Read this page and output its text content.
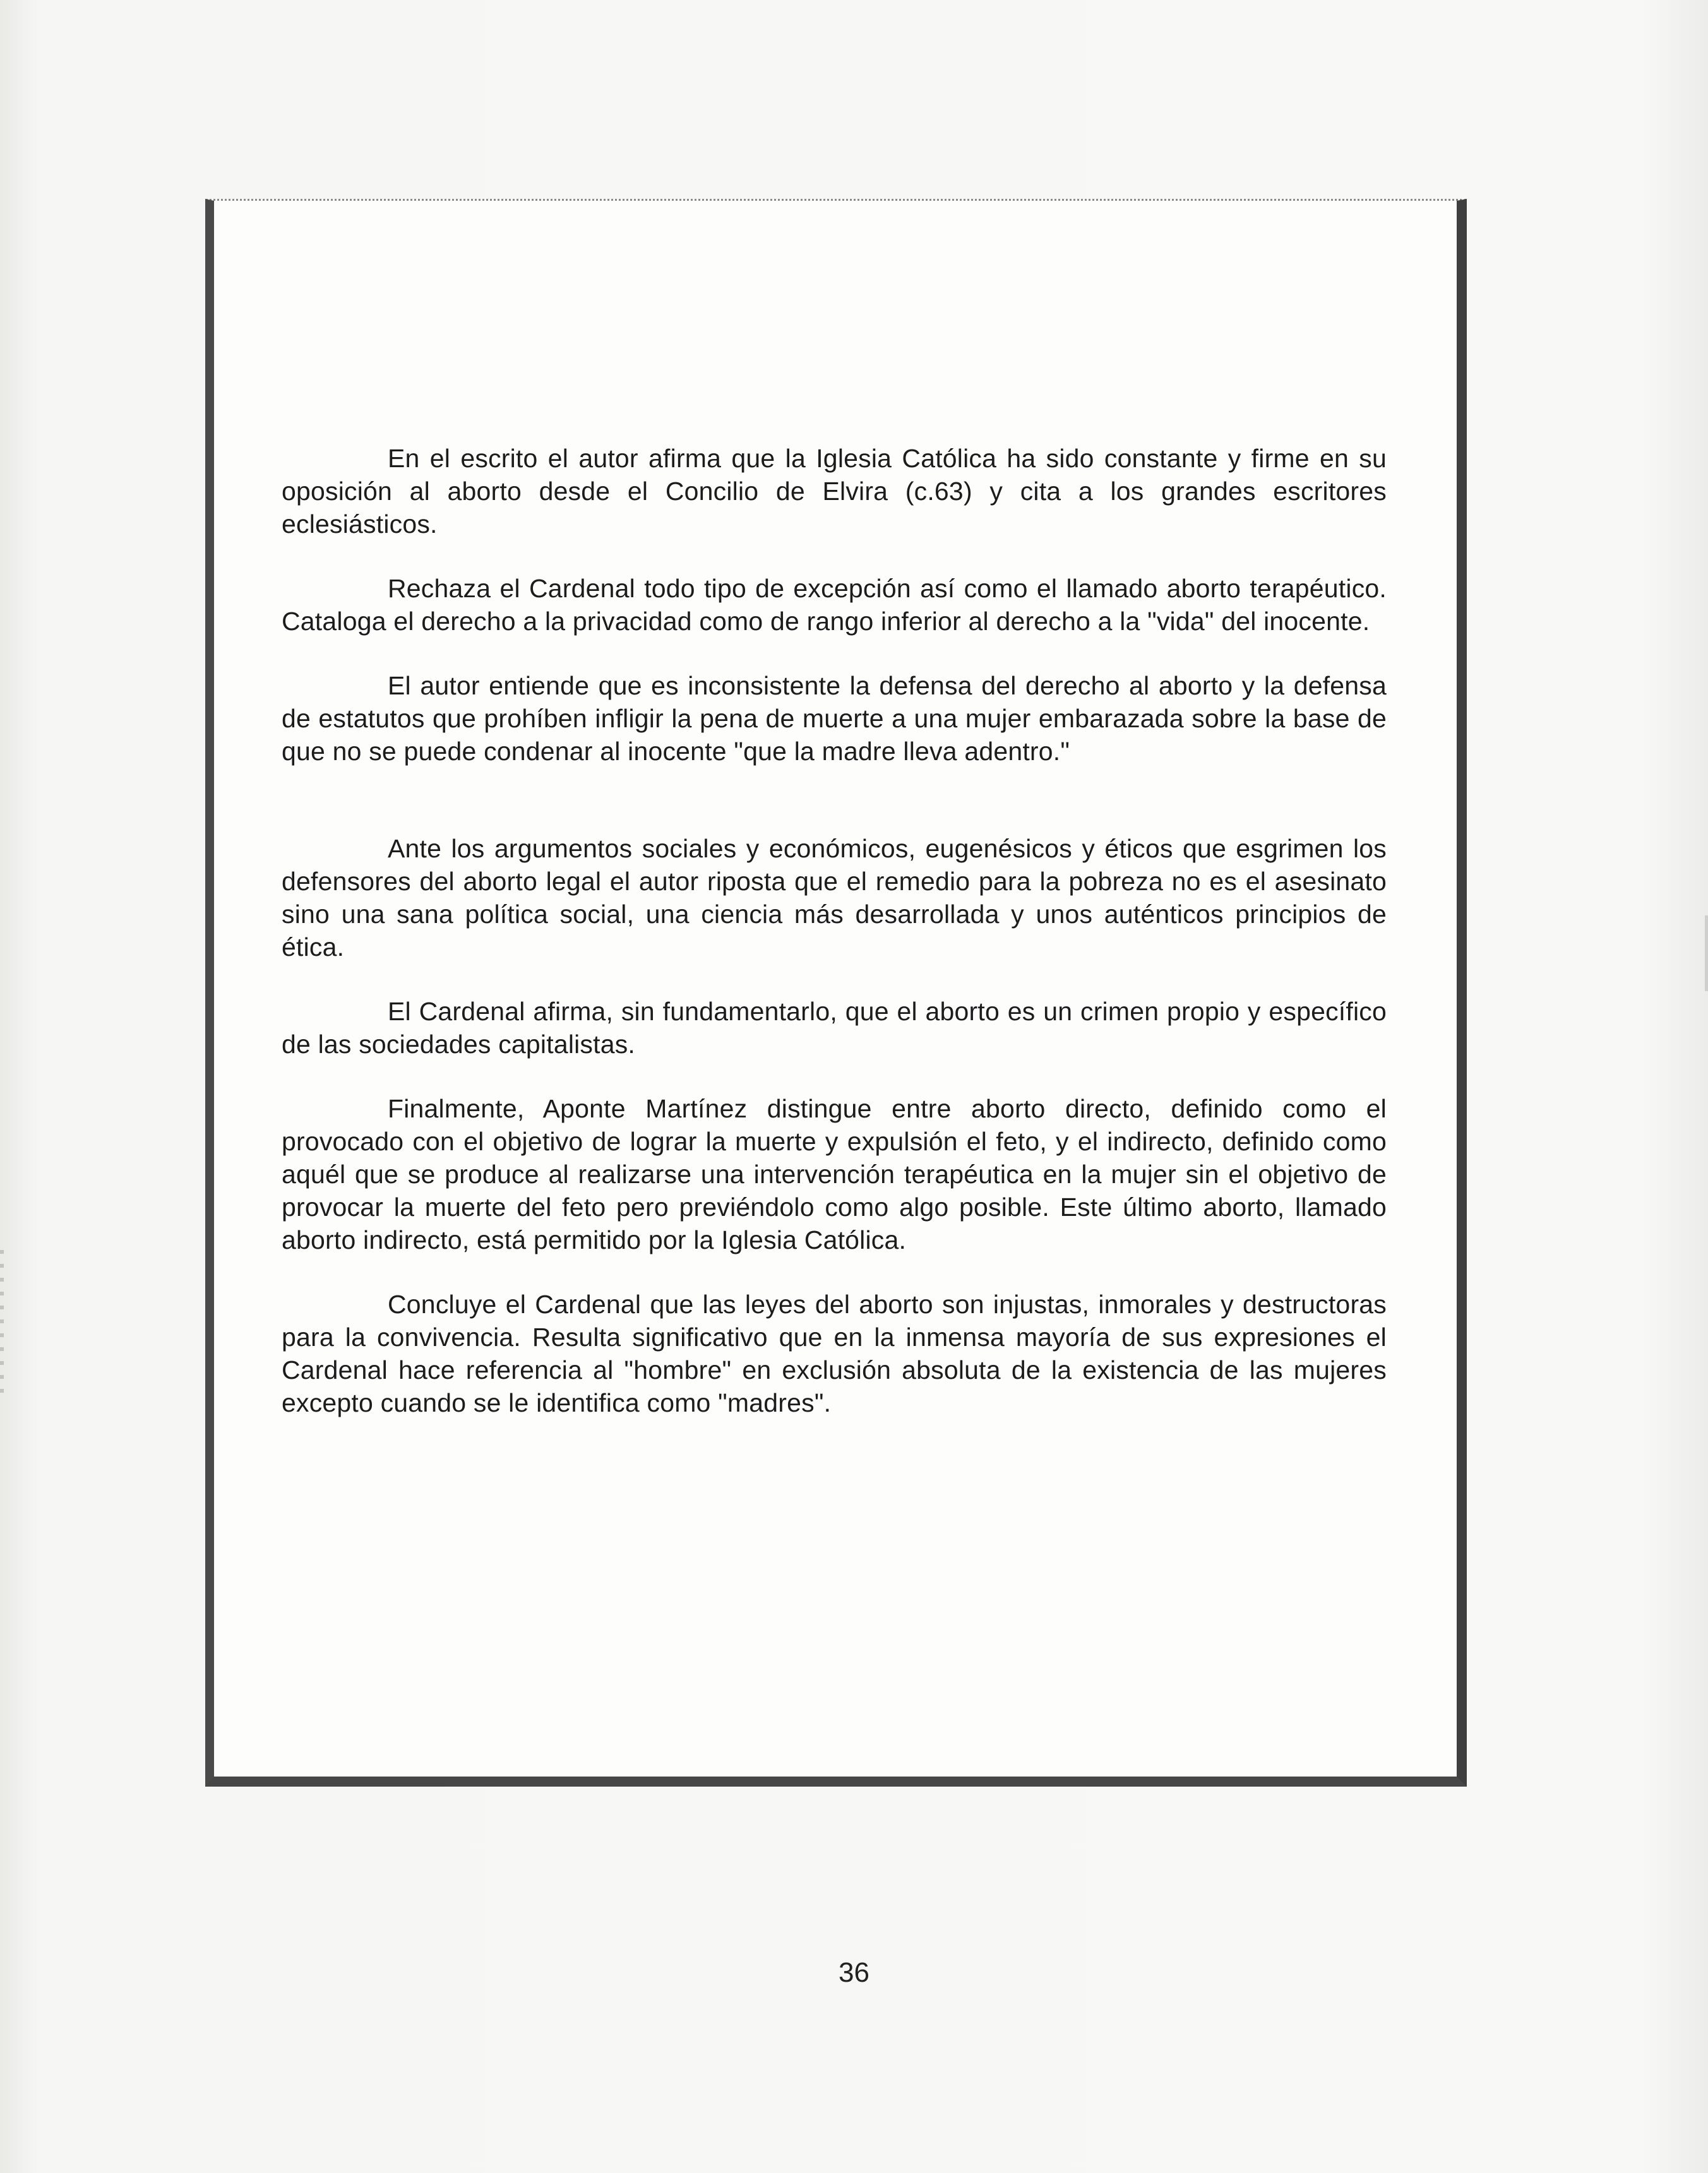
En el escrito el autor afirma que la Iglesia Católica ha sido constante y firme en su oposición al aborto desde el Concilio de Elvira (c.63) y cita a los grandes escritores eclesiásticos.

Rechaza el Cardenal todo tipo de excepción así como el llamado aborto terapéutico. Cataloga el derecho a la privacidad como de rango inferior al derecho a la "vida" del inocente.

El autor entiende que es inconsistente la defensa del derecho al aborto y la defensa de estatutos que prohíben infligir la pena de muerte a una mujer embarazada sobre la base de que no se puede condenar al inocente "que la madre lleva adentro."

Ante los argumentos sociales y económicos, eugenésicos y éticos que esgrimen los defensores del aborto legal el autor riposta que el remedio para la pobreza no es el asesinato sino una sana política social, una ciencia más desarrollada y unos auténticos principios de ética.

El Cardenal afirma, sin fundamentarlo, que el aborto es un crimen propio y específico de las sociedades capitalistas.

Finalmente, Aponte Martínez distingue entre aborto directo, definido como el provocado con el objetivo de lograr la muerte y expulsión el feto, y el indirecto, definido como aquél que se produce al realizarse una intervención terapéutica en la mujer sin el objetivo de provocar la muerte del feto pero previéndolo como algo posible. Este último aborto, llamado aborto indirecto, está permitido por la Iglesia Católica.

Concluye el Cardenal que las leyes del aborto son injustas, inmorales y destructoras para la convivencia. Resulta significativo que en la inmensa mayoría de sus expresiones el Cardenal hace referencia al "hombre" en exclusión absoluta de la existencia de las mujeres excepto cuando se le identifica como "madres".

36
